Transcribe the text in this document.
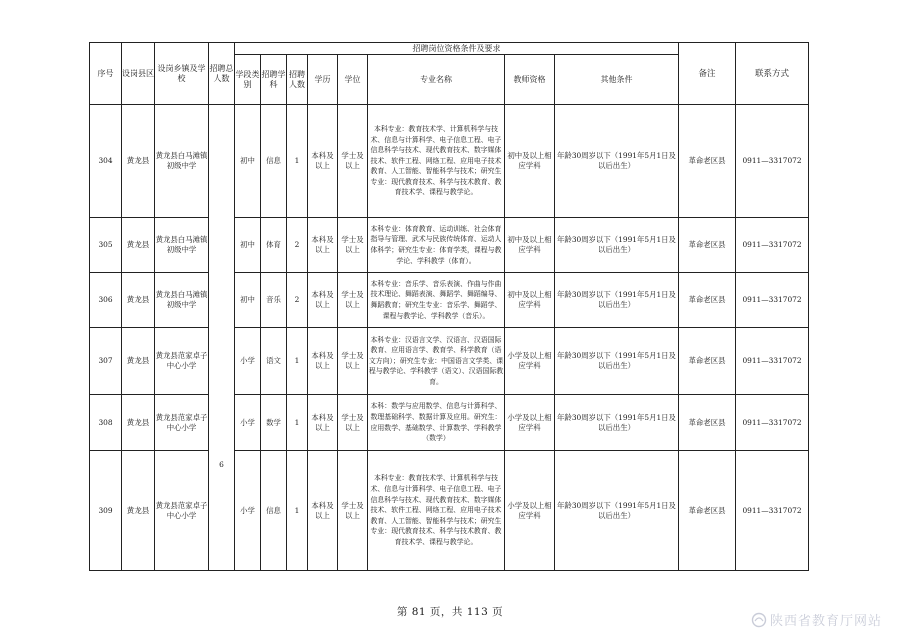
序号	设岗县区	设岗乡镇及学校	招聘总人数	招聘岗位资格条件及要求								备注	联系方式
				学段类别	招聘学科	招聘人数	学历	学位	专业名称	教师资格	其他条件		
304	黄龙县	黄龙县白马滩镇初级中学	6	初中	信息	1	本科及以上	学士及以上	本科专业：教育技术学、计算机科学与技术、信息与计算科学、电子信息工程、电子信息科学与技术、现代教育技术、数字媒体技术、软件工程、网络工程、应用电子技术教育、人工智能、智能科学与技术；研究生专业：现代教育技术、科学与技术教育、教育技术学、课程与教学论。	初中及以上相应学科	年龄30周岁以下（1991年5月1日及以后出生）	革命老区县	0911—3317072
305	黄龙县	黄龙县白马滩镇初级中学		初中	体育	2	本科及以上	学士及以上	本科专业：体育教育、运动训练、社会体育指导与管理、武术与民族传统体育、运动人体科学；研究生专业：体育学类，课程与教学论、学科教学（体育）。	初中及以上相应学科	年龄30周岁以下（1991年5月1日及以后出生）	革命老区县	0911—3317072
306	黄龙县	黄龙县白马滩镇初级中学		初中	音乐	2	本科及以上	学士及以上	本科专业：音乐学、音乐表演、作曲与作曲技术理论、舞蹈表演、舞蹈学、舞蹈编导、舞蹈教育；研究生专业：音乐学、舞蹈学、课程与教学论、学科教学（音乐）。	初中及以上相应学科	年龄30周岁以下（1991年5月1日及以后出生）	革命老区县	0911—3317072
307	黄龙县	黄龙县范家卓子中心小学		小学	语文	1	本科及以上	学士及以上	本科专业：汉语言文学、汉语言、汉语国际教育、应用语言学、教育学、科学教育（语文方向）；研究生专业：中国语言文学类、课程与教学论、学科教学（语文）、汉语国际教育。	小学及以上相应学科	年龄30周岁以下（1991年5月1日及以后出生）	革命老区县	0911—3317072
308	黄龙县	黄龙县范家卓子中心小学		小学	数学	1	本科及以上	学士及以上	本科：数学与应用数学、信息与计算科学、数理基础科学、数据计算及应用。研究生：应用数学、基础数学、计算数学、学科教学（数学）	小学及以上相应学科	年龄30周岁以下（1991年5月1日及以后出生）	革命老区县	0911—3317072
309	黄龙县	黄龙县范家卓子中心小学		小学	信息	1	本科及以上	学士及以上	本科专业：教育技术学、计算机科学与技术、信息与计算科学、电子信息工程、电子信息科学与技术、现代教育技术、数字媒体技术、软件工程、网络工程、应用电子技术教育、人工智能、智能科学与技术；研究生专业：现代教育技术、科学与技术教育、教育技术学、课程与教学论。	小学及以上相应学科	年龄30周岁以下（1991年5月1日及以后出生）	革命老区县	0911—3317072
第 81 页，共 113 页
陕西省教育厅网站
